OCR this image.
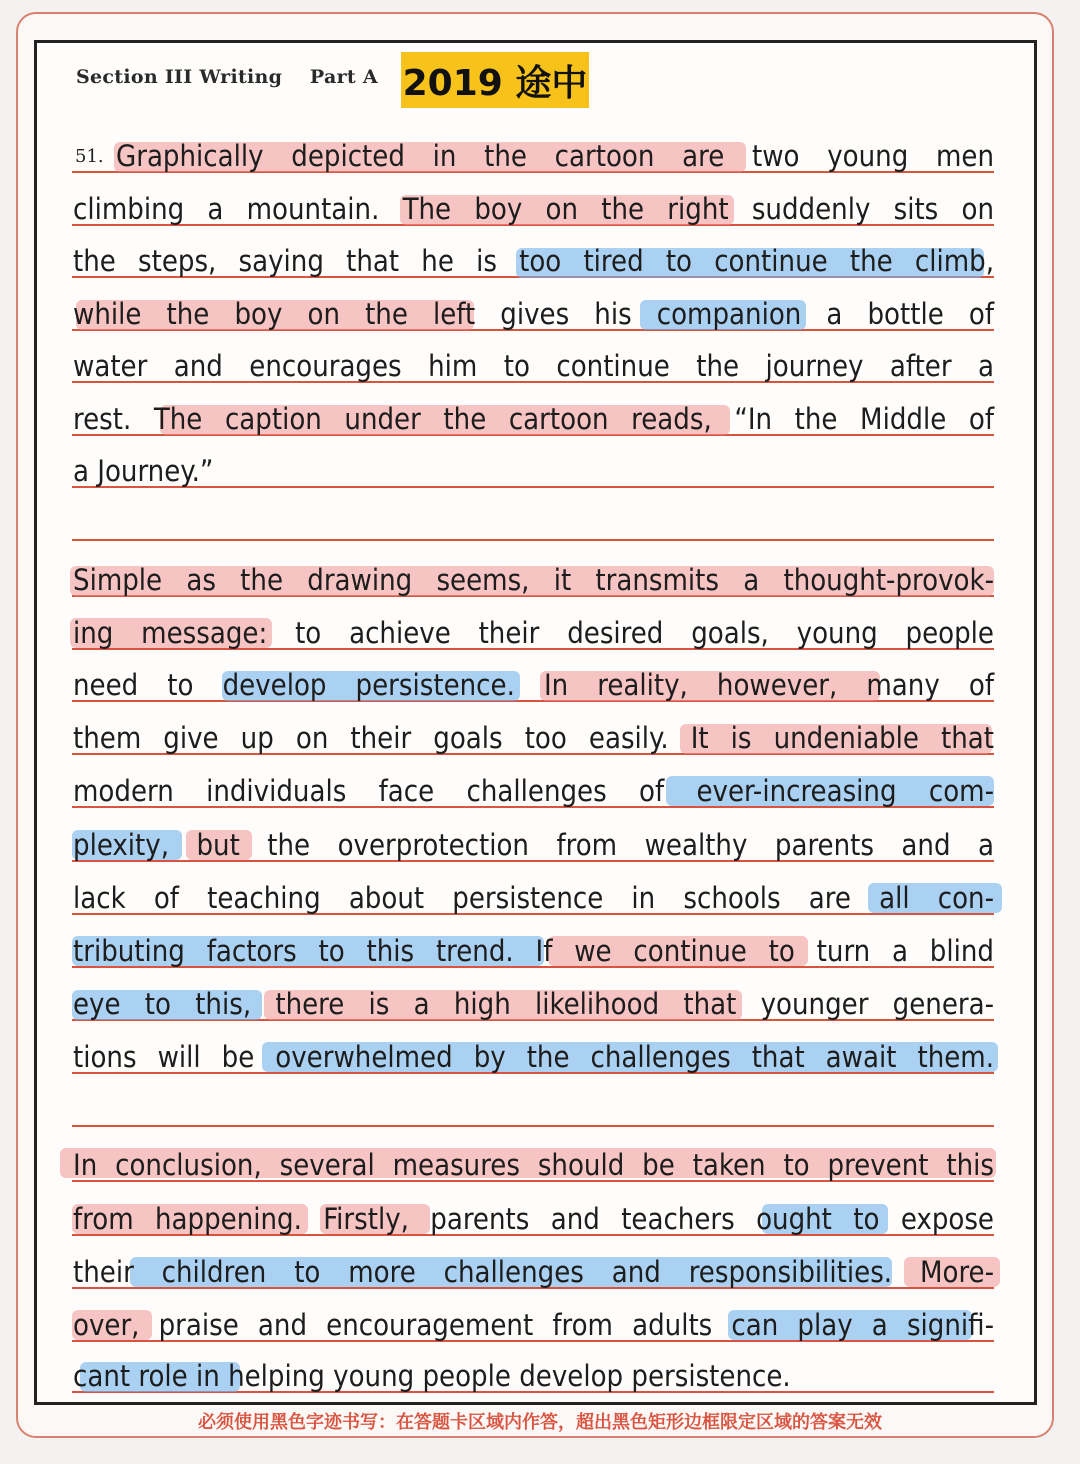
Section III Writing    Part A 2019 途中
51. Graphically depicted in the cartoon are two young men
climbing a mountain. The boy on the right suddenly sits on
the steps, saying that he is too tired to continue the climb,
while the boy on the left gives his companion a bottle of
water and encourages him to continue the journey after a
rest. The caption under the cartoon reads, “In the Middle of
a Journey.”
Simple as the drawing seems, it transmits a thought-provok-
ing message: to achieve their desired goals, young people
need to develop persistence. In reality, however, many of
them give up on their goals too easily. It is undeniable that
modern individuals face challenges of ever-increasing com-
plexity, but the overprotection from wealthy parents and a
lack of teaching about persistence in schools are all con-
tributing factors to this trend. If we continue to turn a blind
eye to this, there is a high likelihood that younger genera-
tions will be overwhelmed by the challenges that await them.
In conclusion, several measures should be taken to prevent this
from happening. Firstly, parents and teachers ought to expose
their children to more challenges and responsibilities. More-
over, praise and encouragement from adults can play a signifi-
cant role in helping young people develop persistence.
必须使用黑色字迹书写：在答题卡区域内作答，超出黑色矩形边框限定区域的答案无效
